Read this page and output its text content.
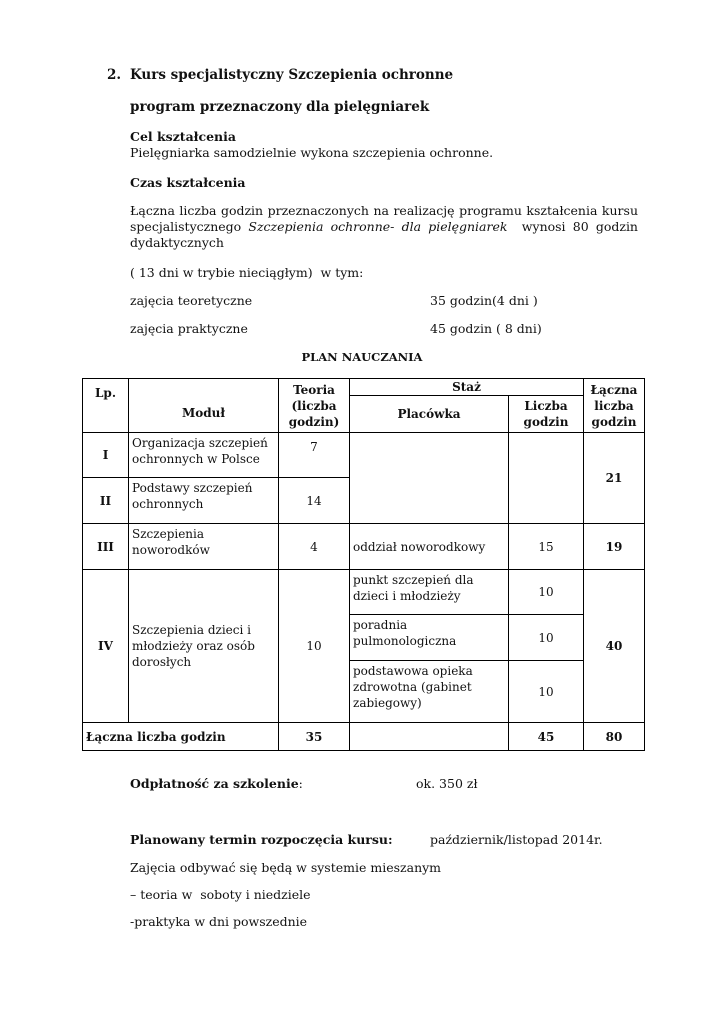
2. Kurs specjalistyczny Szczepienia ochronne
program przeznaczony dla pielęgniarek
Cel kształcenia
Pielęgniarka samodzielnie wykona szczepienia ochronne.
Czas kształcenia
Łączna liczba godzin przeznaczonych na realizację programu kształcenia kursu
specjalistycznego Szczepienia ochronne- dla pielęgniarek  wynosi 80 godzin
dydaktycznych
( 13 dni w trybie nieciągłym)  w tym:
zajęcia teoretyczne	35 godzin(4 dni )
zajęcia praktyczne	45 godzin ( 8 dni)
PLAN NAUCZANIA
Lp.	Moduł	Teoria (liczba godzin)	Staż		Łączna liczba godzin
			Placówka	Liczba godzin	
I	Organizacja szczepień ochronnych w Polsce	7			21
II	Podstawy szczepień ochronnych	14			
III	Szczepienia noworodków	4	oddział noworodkowy	15	19
IV	Szczepienia dzieci i młodzieży oraz osób dorosłych	10	punkt szczepień dla dzieci i młodzieży	10	40
			poradnia pulmonologiczna	10	
			podstawowa opieka zdrowotna (gabinet zabiegowy)	10	
Łączna liczba godzin		35		45	80
Odpłatność za szkolenie:	ok. 350 zł
Planowany termin rozpoczęcia kursu:	październik/listopad 2014r.
Zajęcia odbywać się będą w systemie mieszanym
– teoria w  soboty i niedziele
-praktyka w dni powszednie
